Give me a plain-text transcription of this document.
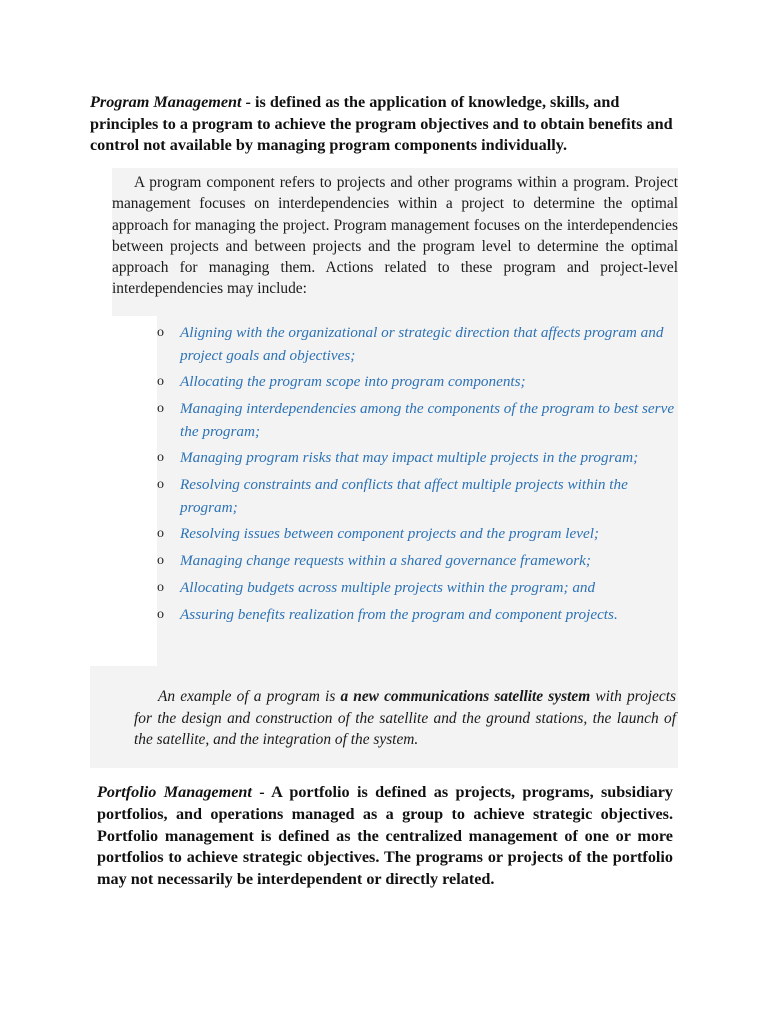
Program Management - is defined as the application of knowledge, skills, and principles to a program to achieve the program objectives and to obtain benefits and control not available by managing program components individually.

A program component refers to projects and other programs within a program. Project management focuses on interdependencies within a project to determine the optimal approach for managing the project. Program management focuses on the interdependencies between projects and between projects and the program level to determine the optimal approach for managing them. Actions related to these program and project-level interdependencies may include:

o Aligning with the organizational or strategic direction that affects program and project goals and objectives;
o Allocating the program scope into program components;
o Managing interdependencies among the components of the program to best serve the program;
o Managing program risks that may impact multiple projects in the program;
o Resolving constraints and conflicts that affect multiple projects within the program;
o Resolving issues between component projects and the program level;
o Managing change requests within a shared governance framework;
o Allocating budgets across multiple projects within the program; and
o Assuring benefits realization from the program and component projects.

An example of a program is a new communications satellite system with projects for the design and construction of the satellite and the ground stations, the launch of the satellite, and the integration of the system.

Portfolio Management - A portfolio is defined as projects, programs, subsidiary portfolios, and operations managed as a group to achieve strategic objectives. Portfolio management is defined as the centralized management of one or more portfolios to achieve strategic objectives. The programs or projects of the portfolio may not necessarily be interdependent or directly related.
